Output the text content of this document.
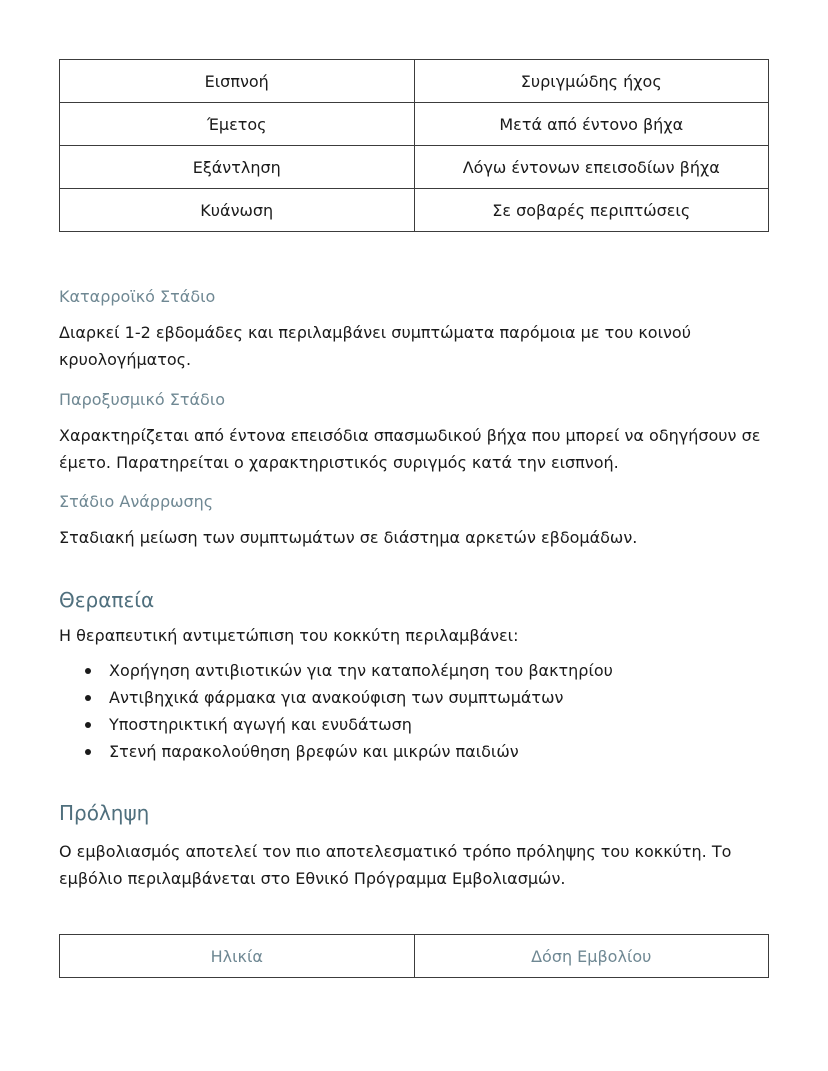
Εισπνοή	Συριγμώδης ήχος
Έμετος	Μετά από έντονο βήχα
Εξάντληση	Λόγω έντονων επεισοδίων βήχα
Κυάνωση	Σε σοβαρές περιπτώσεις
Καταρροϊκό Στάδιο
Διαρκεί 1-2 εβδομάδες και περιλαμβάνει συμπτώματα παρόμοια με του κοινού κρυολογήματος.
Παροξυσμικό Στάδιο
Χαρακτηρίζεται από έντονα επεισόδια σπασμωδικού βήχα που μπορεί να οδηγήσουν σε έμετο. Παρατηρείται ο χαρακτηριστικός συριγμός κατά την εισπνοή.
Στάδιο Ανάρρωσης
Σταδιακή μείωση των συμπτωμάτων σε διάστημα αρκετών εβδομάδων.
Θεραπεία
Η θεραπευτική αντιμετώπιση του κοκκύτη περιλαμβάνει:
Χορήγηση αντιβιοτικών για την καταπολέμηση του βακτηρίου
Αντιβηχικά φάρμακα για ανακούφιση των συμπτωμάτων
Υποστηρικτική αγωγή και ενυδάτωση
Στενή παρακολούθηση βρεφών και μικρών παιδιών
Πρόληψη
Ο εμβολιασμός αποτελεί τον πιο αποτελεσματικό τρόπο πρόληψης του κοκκύτη. Το εμβόλιο περιλαμβάνεται στο Εθνικό Πρόγραμμα Εμβολιασμών.
Ηλικία	Δόση Εμβολίου
